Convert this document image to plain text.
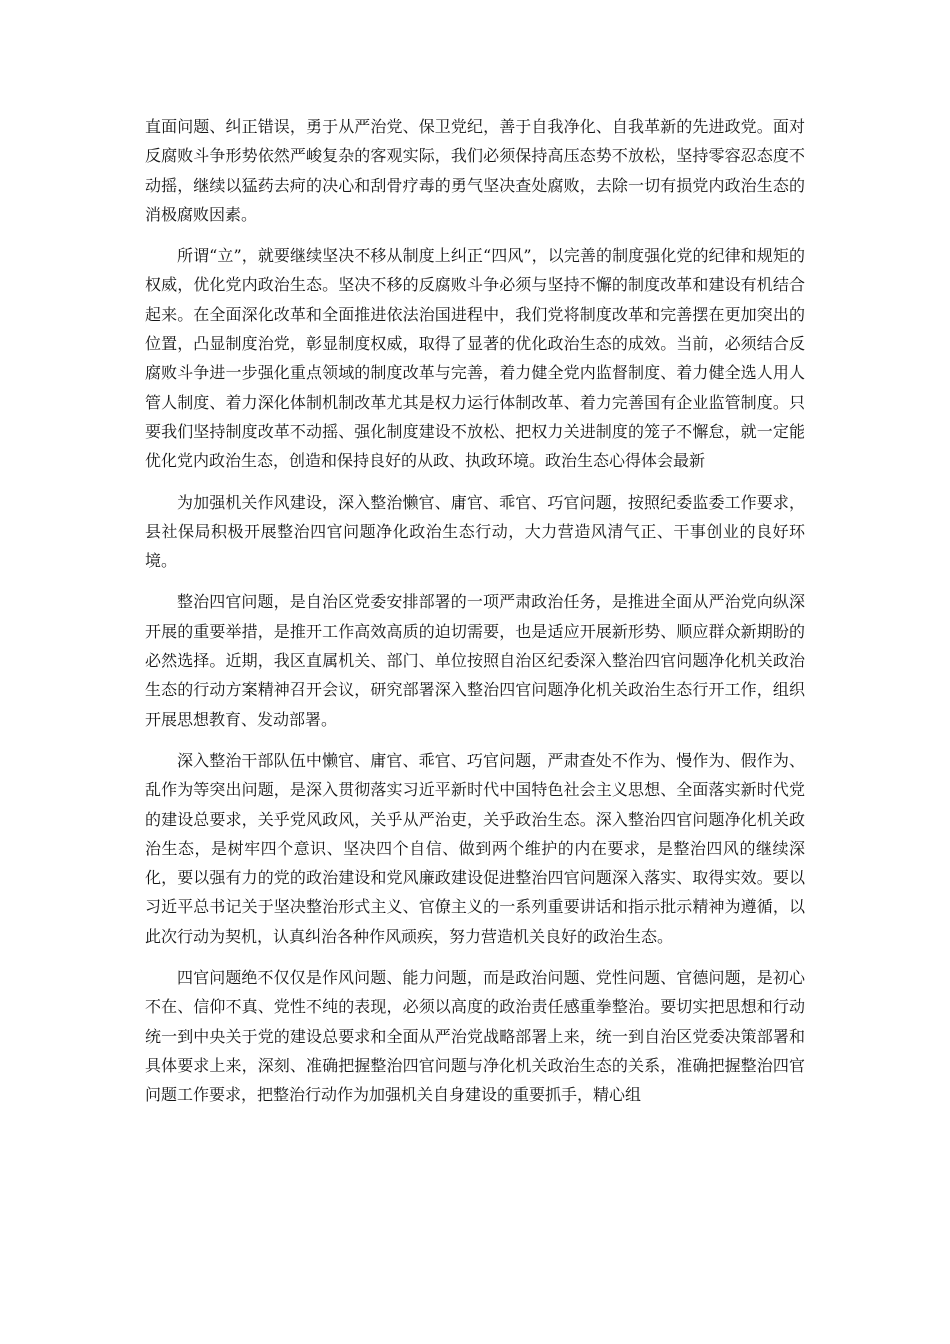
直面问题、纠正错误，勇于从严治党、保卫党纪，善于自我净化、自我革新的先进政党。面对反腐败斗争形势依然严峻复杂的客观实际，我们必须保持高压态势不放松，坚持零容忍态度不动摇，继续以猛药去疴的决心和刮骨疗毒的勇气坚决查处腐败，去除一切有损党内政治生态的消极腐败因素。

所谓“立”，就要继续坚决不移从制度上纠正“四风”，以完善的制度强化党的纪律和规矩的权威，优化党内政治生态。坚决不移的反腐败斗争必须与坚持不懈的制度改革和建设有机结合起来。在全面深化改革和全面推进依法治国进程中，我们党将制度改革和完善摆在更加突出的位置，凸显制度治党，彰显制度权威，取得了显著的优化政治生态的成效。当前，必须结合反腐败斗争进一步强化重点领域的制度改革与完善，着力健全党内监督制度、着力健全选人用人管人制度、着力深化体制机制改革尤其是权力运行体制改革、着力完善国有企业监管制度。只要我们坚持制度改革不动摇、强化制度建设不放松、把权力关进制度的笼子不懈怠，就一定能优化党内政治生态，创造和保持良好的从政、执政环境。政治生态心得体会最新

为加强机关作风建设，深入整治懒官、庸官、乖官、巧官问题，按照纪委监委工作要求，县社保局积极开展整治四官问题净化政治生态行动，大力营造风清气正、干事创业的良好环境。

整治四官问题，是自治区党委安排部署的一项严肃政治任务，是推进全面从严治党向纵深开展的重要举措，是推开工作高效高质的迫切需要，也是适应开展新形势、顺应群众新期盼的必然选择。近期，我区直属机关、部门、单位按照自治区纪委深入整治四官问题净化机关政治生态的行动方案精神召开会议，研究部署深入整治四官问题净化机关政治生态行开工作，组织开展思想教育、发动部署。

深入整治干部队伍中懒官、庸官、乖官、巧官问题，严肃查处不作为、慢作为、假作为、乱作为等突出问题，是深入贯彻落实习近平新时代中国特色社会主义思想、全面落实新时代党的建设总要求，关乎党风政风，关乎从严治吏，关乎政治生态。深入整治四官问题净化机关政治生态，是树牢四个意识、坚决四个自信、做到两个维护的内在要求，是整治四风的继续深化，要以强有力的党的政治建设和党风廉政建设促进整治四官问题深入落实、取得实效。要以习近平总书记关于坚决整治形式主义、官僚主义的一系列重要讲话和指示批示精神为遵循，以此次行动为契机，认真纠治各种作风顽疾，努力营造机关良好的政治生态。

四官问题绝不仅仅是作风问题、能力问题，而是政治问题、党性问题、官德问题，是初心不在、信仰不真、党性不纯的表现，必须以高度的政治责任感重拳整治。要切实把思想和行动统一到中央关于党的建设总要求和全面从严治党战略部署上来，统一到自治区党委决策部署和具体要求上来，深刻、准确把握整治四官问题与净化机关政治生态的关系，准确把握整治四官问题工作要求，把整治行动作为加强机关自身建设的重要抓手，精心组
